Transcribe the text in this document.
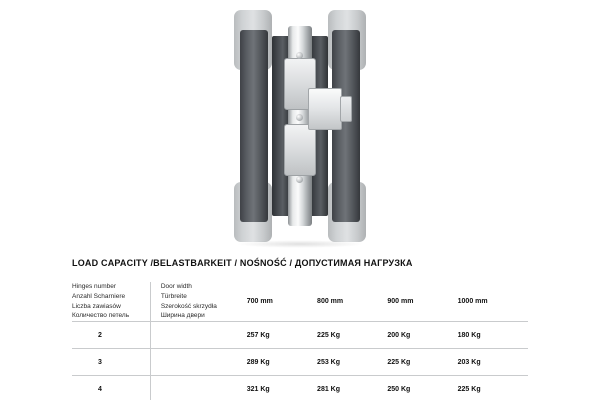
LOAD CAPACITY /BELASTBARKEIT / NOŚNOŚĆ / ДОПУСТИМАЯ НАГРУЗКА
Hinges number
Anzahl Scharniere
Liczba zawiasów
Количество петель

Door width
Türbreite
Szerokość skrzydła
Ширина двери
	700 mm	800 mm	900 mm	1000 mm
2		257 Kg	225 Kg	200 Kg	180 Kg
3		289 Kg	253 Kg	225 Kg	203 Kg
4		321 Kg	281 Kg	250 Kg	225 Kg
